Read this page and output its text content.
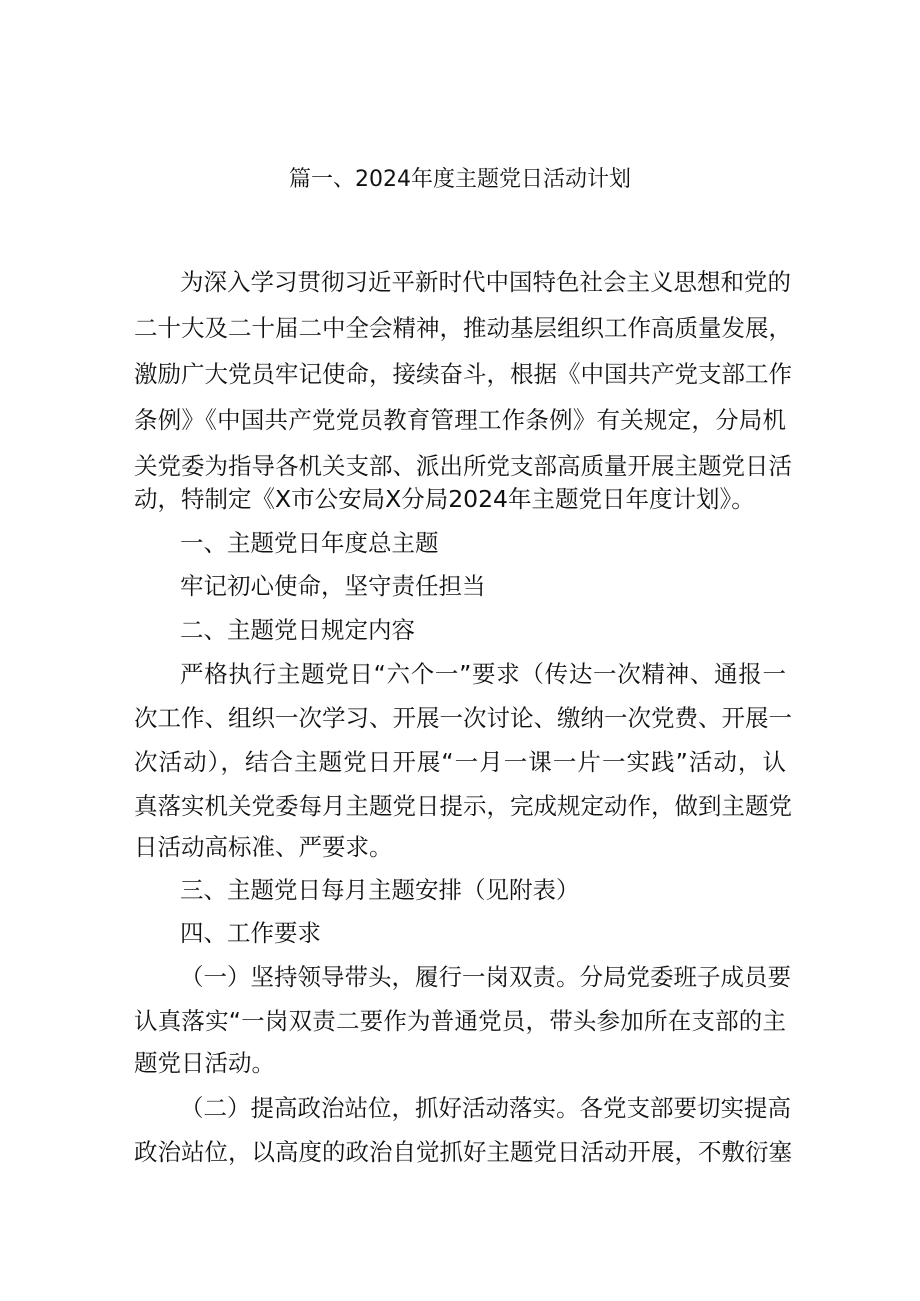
篇一、2024年度主题党日活动计划
为深入学习贯彻习近平新时代中国特色社会主义思想和党的
二十大及二十届二中全会精神，推动基层组织工作高质量发展，
激励广大党员牢记使命，接续奋斗，根据《中国共产党支部工作
条例》《中国共产党党员教育管理工作条例》有关规定，分局机
关党委为指导各机关支部、派出所党支部高质量开展主题党日活
动，特制定《X市公安局X分局2024年主题党日年度计划》。
一、主题党日年度总主题
牢记初心使命，坚守责任担当
二、主题党日规定内容
严格执行主题党日“六个一”要求（传达一次精神、通报一
次工作、组织一次学习、开展一次讨论、缴纳一次党费、开展一
次活动），结合主题党日开展“一月一课一片一实践”活动，认
真落实机关党委每月主题党日提示，完成规定动作，做到主题党
日活动高标准、严要求。
三、主题党日每月主题安排（见附表）
四、工作要求
（一）坚持领导带头，履行一岗双责。分局党委班子成员要
认真落实“一岗双责二要作为普通党员，带头参加所在支部的主
题党日活动。
（二）提高政治站位，抓好活动落实。各党支部要切实提高
政治站位，以高度的政治自觉抓好主题党日活动开展，不敷衍塞
